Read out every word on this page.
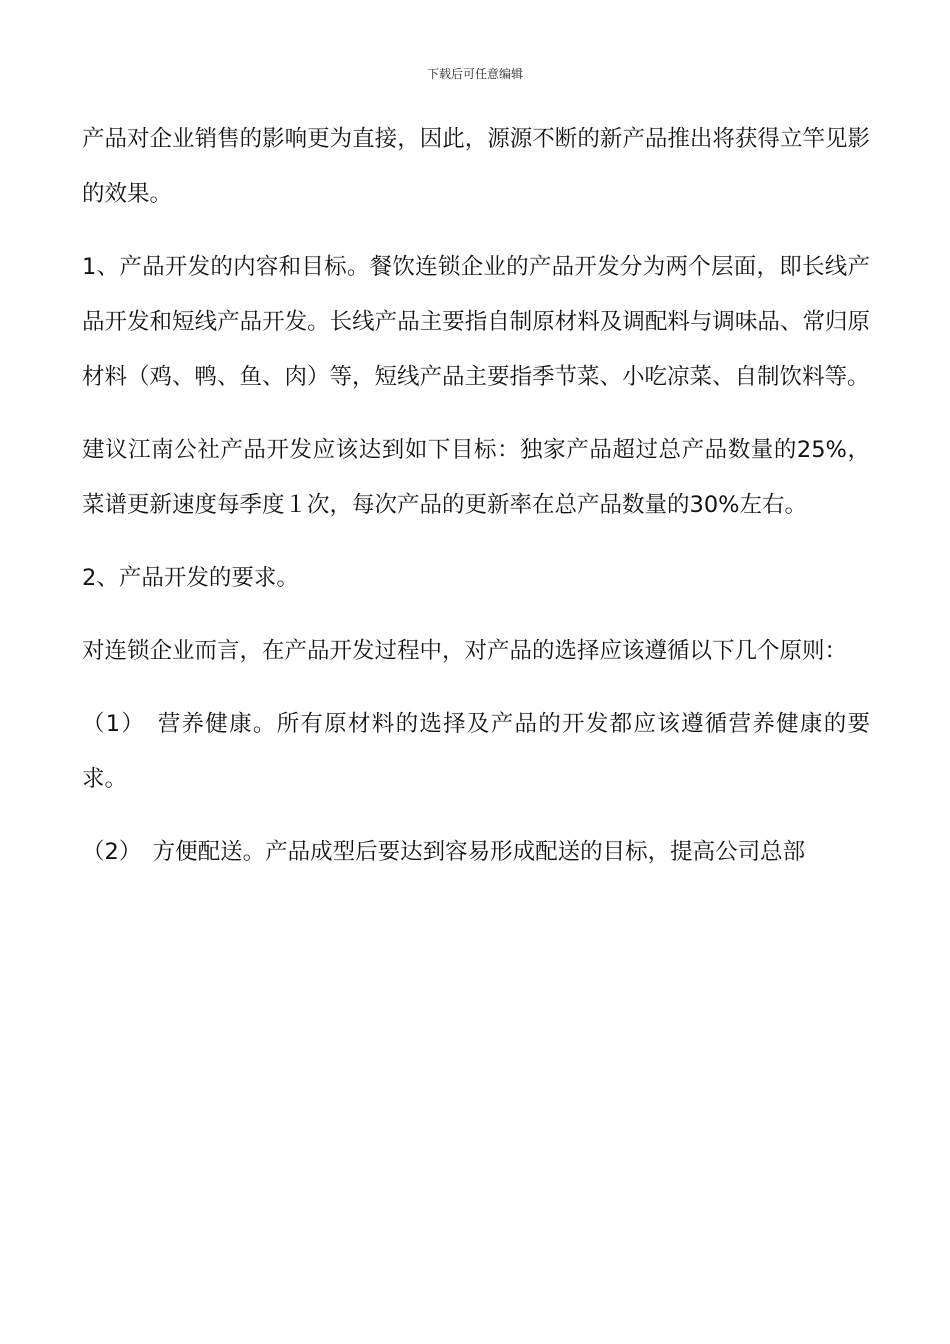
下载后可任意编辑

产品对企业销售的影响更为直接，因此，源源不断的新产品推出将获得立竿见影的效果。

1、产品开发的内容和目标。餐饮连锁企业的产品开发分为两个层面，即长线产品开发和短线产品开发。长线产品主要指自制原材料及调配料与调味品、常归原材料（鸡、鸭、鱼、肉）等，短线产品主要指季节菜、小吃凉菜、自制饮料等。

建议江南公社产品开发应该达到如下目标：独家产品超过总产品数量的25%，菜谱更新速度每季度１次，每次产品的更新率在总产品数量的30%左右。

2、产品开发的要求。

对连锁企业而言，在产品开发过程中，对产品的选择应该遵循以下几个原则：

（1）　营养健康。所有原材料的选择及产品的开发都应该遵循营养健康的要求。

（2）　方便配送。产品成型后要达到容易形成配送的目标，提高公司总部
